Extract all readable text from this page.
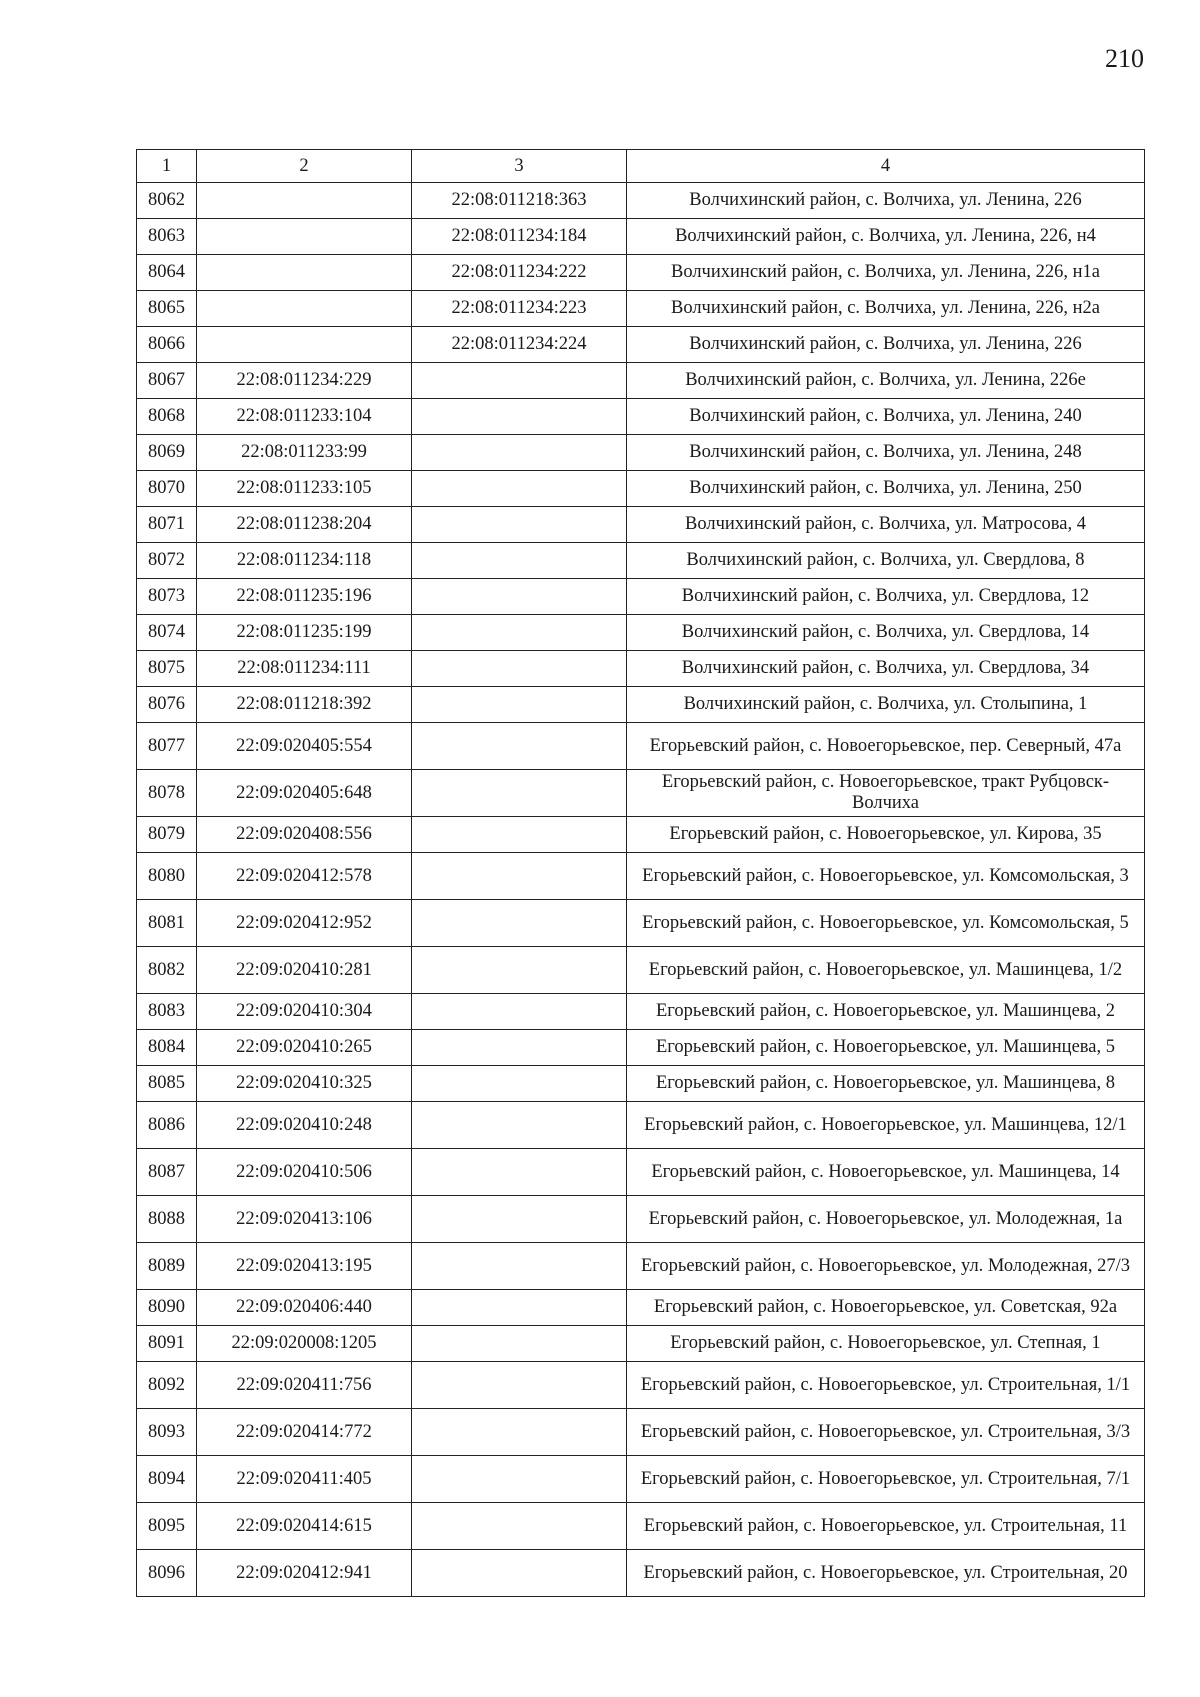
210
1	2	3	4
8062		22:08:011218:363	Волчихинский район, с. Волчиха, ул. Ленина, 226
8063		22:08:011234:184	Волчихинский район, с. Волчиха, ул. Ленина, 226, н4
8064		22:08:011234:222	Волчихинский район, с. Волчиха, ул. Ленина, 226, н1а
8065		22:08:011234:223	Волчихинский район, с. Волчиха, ул. Ленина, 226, н2а
8066		22:08:011234:224	Волчихинский район, с. Волчиха, ул. Ленина, 226
8067	22:08:011234:229		Волчихинский район, с. Волчиха, ул. Ленина, 226е
8068	22:08:011233:104		Волчихинский район, с. Волчиха, ул. Ленина, 240
8069	22:08:011233:99		Волчихинский район, с. Волчиха, ул. Ленина, 248
8070	22:08:011233:105		Волчихинский район, с. Волчиха, ул. Ленина, 250
8071	22:08:011238:204		Волчихинский район, с. Волчиха, ул. Матросова, 4
8072	22:08:011234:118		Волчихинский район, с. Волчиха, ул. Свердлова, 8
8073	22:08:011235:196		Волчихинский район, с. Волчиха, ул. Свердлова, 12
8074	22:08:011235:199		Волчихинский район, с. Волчиха, ул. Свердлова, 14
8075	22:08:011234:111		Волчихинский район, с. Волчиха, ул. Свердлова, 34
8076	22:08:011218:392		Волчихинский район, с. Волчиха, ул. Столыпина, 1
8077	22:09:020405:554		Егорьевский район, с. Новоегорьевское, пер. Северный, 47а
8078	22:09:020405:648		Егорьевский район, с. Новоегорьевское, тракт Рубцовск-Волчиха
8079	22:09:020408:556		Егорьевский район, с. Новоегорьевское, ул. Кирова, 35
8080	22:09:020412:578		Егорьевский район, с. Новоегорьевское, ул. Комсомольская, 3
8081	22:09:020412:952		Егорьевский район, с. Новоегорьевское, ул. Комсомольская, 5
8082	22:09:020410:281		Егорьевский район, с. Новоегорьевское, ул. Машинцева, 1/2
8083	22:09:020410:304		Егорьевский район, с. Новоегорьевское, ул. Машинцева, 2
8084	22:09:020410:265		Егорьевский район, с. Новоегорьевское, ул. Машинцева, 5
8085	22:09:020410:325		Егорьевский район, с. Новоегорьевское, ул. Машинцева, 8
8086	22:09:020410:248		Егорьевский район, с. Новоегорьевское, ул. Машинцева, 12/1
8087	22:09:020410:506		Егорьевский район, с. Новоегорьевское, ул. Машинцева, 14
8088	22:09:020413:106		Егорьевский район, с. Новоегорьевское, ул. Молодежная, 1а
8089	22:09:020413:195		Егорьевский район, с. Новоегорьевское, ул. Молодежная, 27/3
8090	22:09:020406:440		Егорьевский район, с. Новоегорьевское, ул. Советская, 92а
8091	22:09:020008:1205		Егорьевский район, с. Новоегорьевское, ул. Степная, 1
8092	22:09:020411:756		Егорьевский район, с. Новоегорьевское, ул. Строительная, 1/1
8093	22:09:020414:772		Егорьевский район, с. Новоегорьевское, ул. Строительная, 3/3
8094	22:09:020411:405		Егорьевский район, с. Новоегорьевское, ул. Строительная, 7/1
8095	22:09:020414:615		Егорьевский район, с. Новоегорьевское, ул. Строительная, 11
8096	22:09:020412:941		Егорьевский район, с. Новоегорьевское, ул. Строительная, 20
